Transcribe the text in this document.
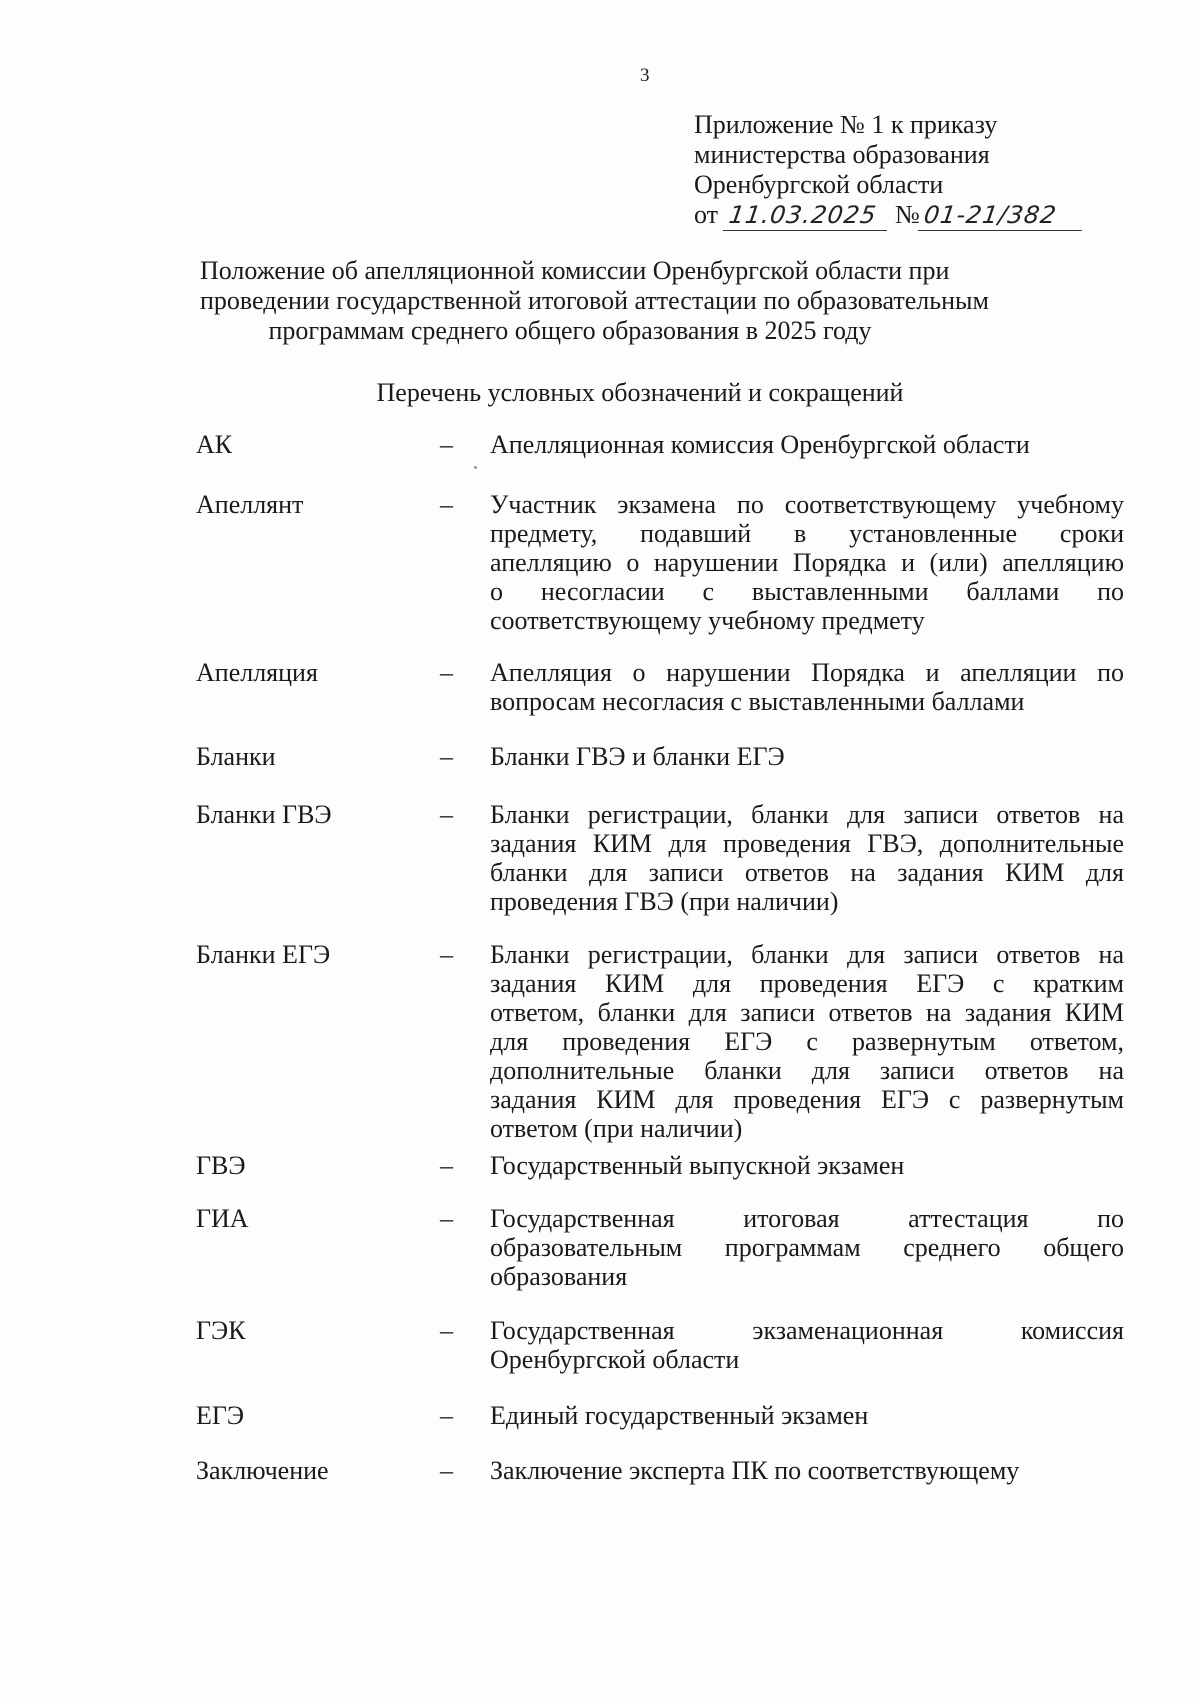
3
Приложение № 1 к приказу
министерства образования
Оренбургской области
от 11.03.2025 №01-21/382
Положение об апелляционной комиссии Оренбургской области при
проведении государственной итоговой аттестации по образовательным
программам среднего общего образования в 2025 году
Перечень условных обозначений и сокращений
АК	– Апелляционная комиссия Оренбургской области
Апеллянт	– Участник экзамена по соответствующему учебному
предмету, подавший в установленные сроки
апелляцию о нарушении Порядка и (или) апелляцию
о несогласии с выставленными баллами по
соответствующему учебному предмету
Апелляция	– Апелляция о нарушении Порядка и апелляции по
вопросам несогласия с выставленными баллами
Бланки	– Бланки ГВЭ и бланки ЕГЭ
Бланки ГВЭ	– Бланки регистрации, бланки для записи ответов на
задания КИМ для проведения ГВЭ, дополнительные
бланки для записи ответов на задания КИМ для
проведения ГВЭ (при наличии)
Бланки ЕГЭ	– Бланки регистрации, бланки для записи ответов на
задания КИМ для проведения ЕГЭ с кратким
ответом, бланки для записи ответов на задания КИМ
для проведения ЕГЭ с развернутым ответом,
дополнительные бланки для записи ответов на
задания КИМ для проведения ЕГЭ с развернутым
ответом (при наличии)
ГВЭ	– Государственный выпускной экзамен
ГИА	– Государственная итоговая аттестация по
образовательным программам среднего общего
образования
ГЭК	– Государственная экзаменационная комиссия
Оренбургской области
ЕГЭ	– Единый государственный экзамен
Заключение	– Заключение эксперта ПК по соответствующему
